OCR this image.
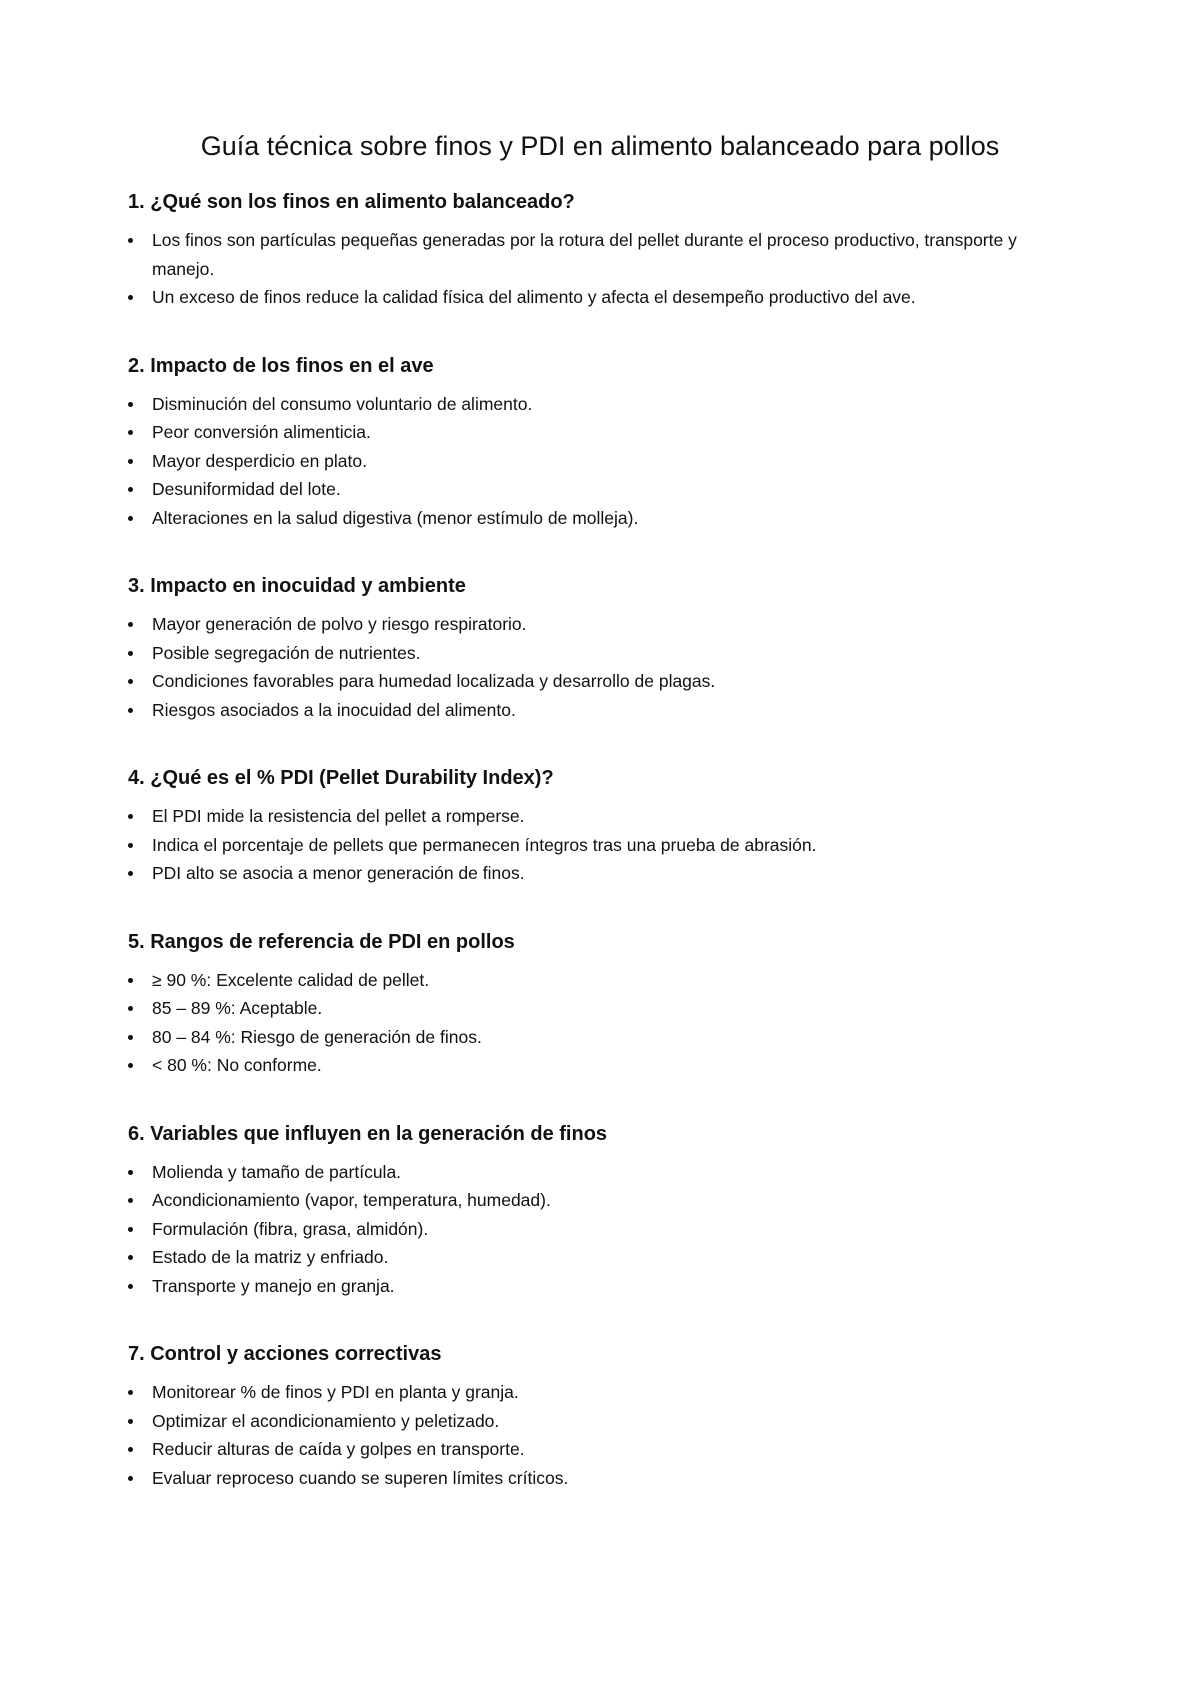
Guía técnica sobre finos y PDI en alimento balanceado para pollos
1. ¿Qué son los finos en alimento balanceado?
Los finos son partículas pequeñas generadas por la rotura del pellet durante el proceso productivo, transporte y manejo.
Un exceso de finos reduce la calidad física del alimento y afecta el desempeño productivo del ave.
2. Impacto de los finos en el ave
Disminución del consumo voluntario de alimento.
Peor conversión alimenticia.
Mayor desperdicio en plato.
Desuniformidad del lote.
Alteraciones en la salud digestiva (menor estímulo de molleja).
3. Impacto en inocuidad y ambiente
Mayor generación de polvo y riesgo respiratorio.
Posible segregación de nutrientes.
Condiciones favorables para humedad localizada y desarrollo de plagas.
Riesgos asociados a la inocuidad del alimento.
4. ¿Qué es el % PDI (Pellet Durability Index)?
El PDI mide la resistencia del pellet a romperse.
Indica el porcentaje de pellets que permanecen íntegros tras una prueba de abrasión.
PDI alto se asocia a menor generación de finos.
5. Rangos de referencia de PDI en pollos
≥ 90 %: Excelente calidad de pellet.
85 – 89 %: Aceptable.
80 – 84 %: Riesgo de generación de finos.
< 80 %: No conforme.
6. Variables que influyen en la generación de finos
Molienda y tamaño de partícula.
Acondicionamiento (vapor, temperatura, humedad).
Formulación (fibra, grasa, almidón).
Estado de la matriz y enfriado.
Transporte y manejo en granja.
7. Control y acciones correctivas
Monitorear % de finos y PDI en planta y granja.
Optimizar el acondicionamiento y peletizado.
Reducir alturas de caída y golpes en transporte.
Evaluar reproceso cuando se superen límites críticos.
